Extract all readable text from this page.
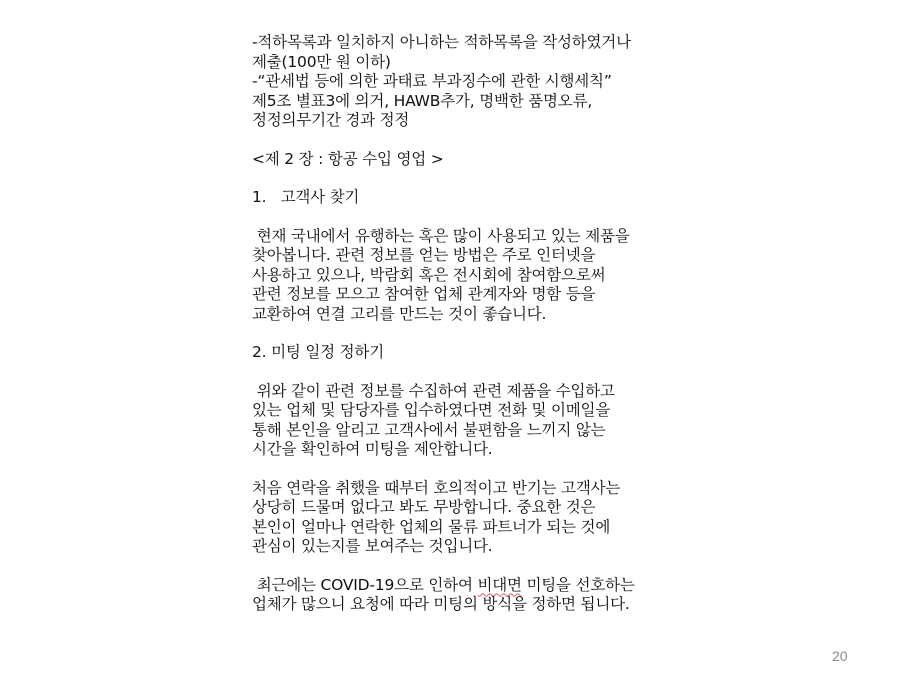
-적하목록과 일치하지 아니하는 적하목록을 작성하였거나
제출(100만 원 이하)
-“관세법 등에 의한 과태료 부과징수에 관한 시행세칙”
제5조 별표3에 의거, HAWB추가, 명백한 품명오류,
정정의무기간 경과 정정
<제 2 장 : 항공 수입 영업 >
1.   고객사 찾기
현재 국내에서 유행하는 혹은 많이 사용되고 있는 제품을
찾아봅니다. 관련 정보를 얻는 방법은 주로 인터넷을
사용하고 있으나, 박람회 혹은 전시회에 참여함으로써
관련 정보를 모으고 참여한 업체 관계자와 명함 등을
교환하여 연결 고리를 만드는 것이 좋습니다.
2. 미팅 일정 정하기
위와 같이 관련 정보를 수집하여 관련 제품을 수입하고
있는 업체 및 담당자를 입수하였다면 전화 및 이메일을
통해 본인을 알리고 고객사에서 불편함을 느끼지 않는
시간을 확인하여 미팅을 제안합니다.
처음 연락을 취했을 때부터 호의적이고 반기는 고객사는
상당히 드물며 없다고 봐도 무방합니다. 중요한 것은
본인이 얼마나 연락한 업체의 물류 파트너가 되는 것에
관심이 있는지를 보여주는 것입니다.
최근에는 COVID-19으로 인하여 비대면 미팅을 선호하는
업체가 많으니 요청에 따라 미팅의 방식을 정하면 됩니다.
20
